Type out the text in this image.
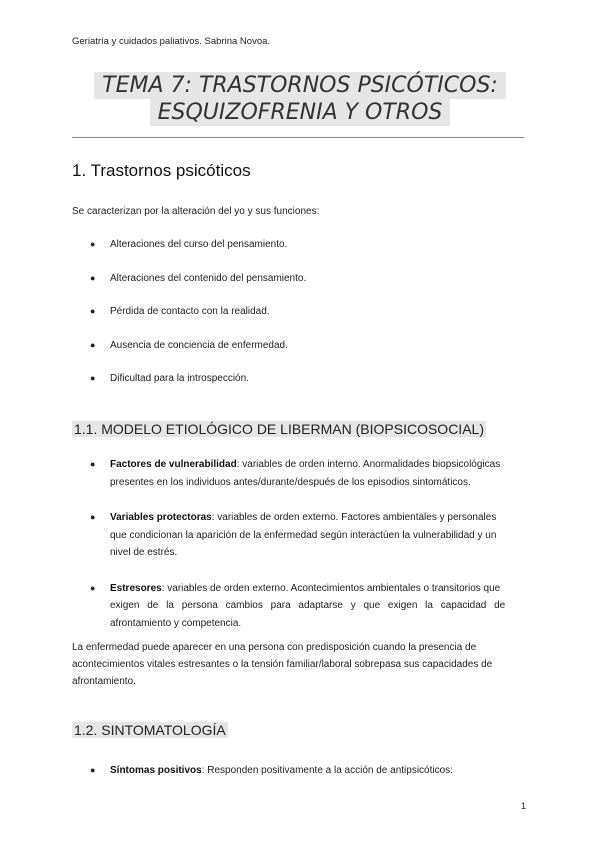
Geriatría y cuidados paliativos. Sabrina Novoa.
TEMA 7: TRASTORNOS PSICÓTICOS:
ESQUIZOFRENIA Y OTROS
1. Trastornos psicóticos
Se caracterizan por la alteración del yo y sus funciones:
● Alteraciones del curso del pensamiento.
● Alteraciones del contenido del pensamiento.
● Pérdida de contacto con la realidad.
● Ausencia de conciencia de enfermedad.
● Dificultad para la introspección.
1.1. MODELO ETIOLÓGICO DE LIBERMAN (BIOPSICOSOCIAL)
● Factores de vulnerabilidad: variables de orden interno. Anormalidades biopsicológicas
presentes en los individuos antes/durante/después de los episodios sintomáticos.
● Variables protectoras: variables de orden externo. Factores ambientales y personales
que condicionan la aparición de la enfermedad según interactúen la vulnerabilidad y un
nivel de estrés.
● Estresores: variables de orden externo. Acontecimientos ambientales o transitorios que
exigen de la persona cambios para adaptarse y que exigen la capacidad de
afrontamiento y competencia.
La enfermedad puede aparecer en una persona con predisposición cuando la presencia de
acontecimientos vitales estresantes o la tensión familiar/laboral sobrepasa sus capacidades de
afrontamiento.
1.2. SINTOMATOLOGÍA
● Síntomas positivos: Responden positivamente a la acción de antipsicóticos:
1
